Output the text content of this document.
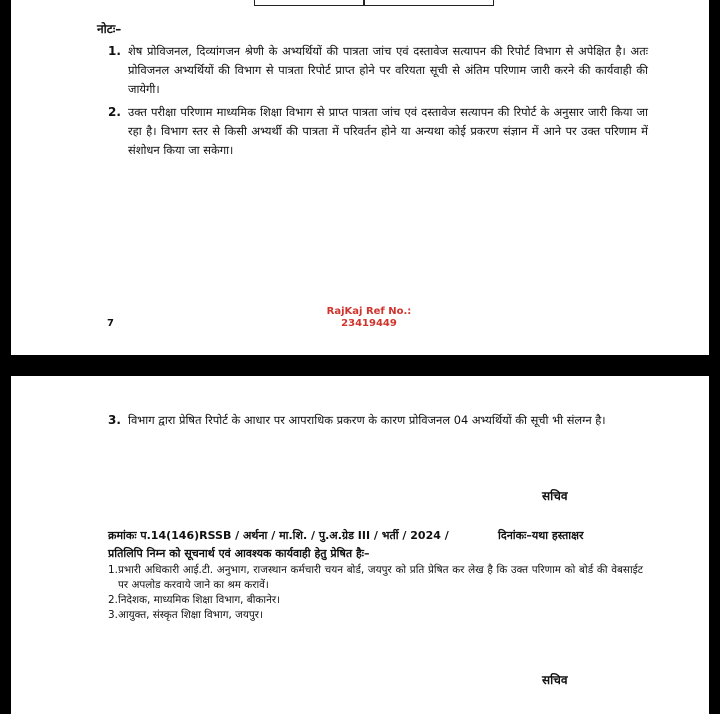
नोटः–
1. शेष प्रोविजनल, दिव्यांगजन श्रेणी के अभ्यर्थियों की पात्रता जांच एवं दस्तावेज सत्यापन की रिपोर्ट विभाग से अपेक्षित है। अतः प्रोविजनल अभ्यर्थियों की विभाग से पात्रता रिपोर्ट प्राप्त होने पर वरियता सूची से अंतिम परिणाम जारी करने की कार्यवाही की जायेगी।
2. उक्त परीक्षा परिणाम माध्यमिक शिक्षा विभाग से प्राप्त पात्रता जांच एवं दस्तावेज सत्यापन की रिपोर्ट के अनुसार जारी किया जा रहा है। विभाग स्तर से किसी अभ्यर्थी की पात्रता में परिवर्तन होने या अन्यथा कोई प्रकरण संज्ञान में आने पर उक्त परिणाम में संशोधन किया जा सकेगा।
RajKaj Ref No.:
23419449
7
3. विभाग द्वारा प्रेषित रिपोर्ट के आधार पर आपराधिक प्रकरण के कारण प्रोविजनल 04 अभ्यर्थियों की सूची भी संलग्न है।
सचिव
क्रमांकः प.14(146)RSSB / अर्थना / मा.शि. / पु.अ.ग्रेड III / भर्ती / 2024 /	दिनांकः–यथा हस्ताक्षर
प्रतिलिपि निम्न को सूचनार्थ एवं आवश्यक कार्यवाही हेतु प्रेषित हैः–
1. प्रभारी अधिकारी आई.टी. अनुभाग, राजस्थान कर्मचारी चयन बोर्ड, जयपुर को प्रति प्रेषित कर लेख है कि उक्त परिणाम को बोर्ड की वेबसाईट पर अपलोड करवाये जाने का श्रम करावें।
2. निदेशक, माध्यमिक शिक्षा विभाग, बीकानेर।
3. आयुक्त, संस्कृत शिक्षा विभाग, जयपुर।
सचिव
